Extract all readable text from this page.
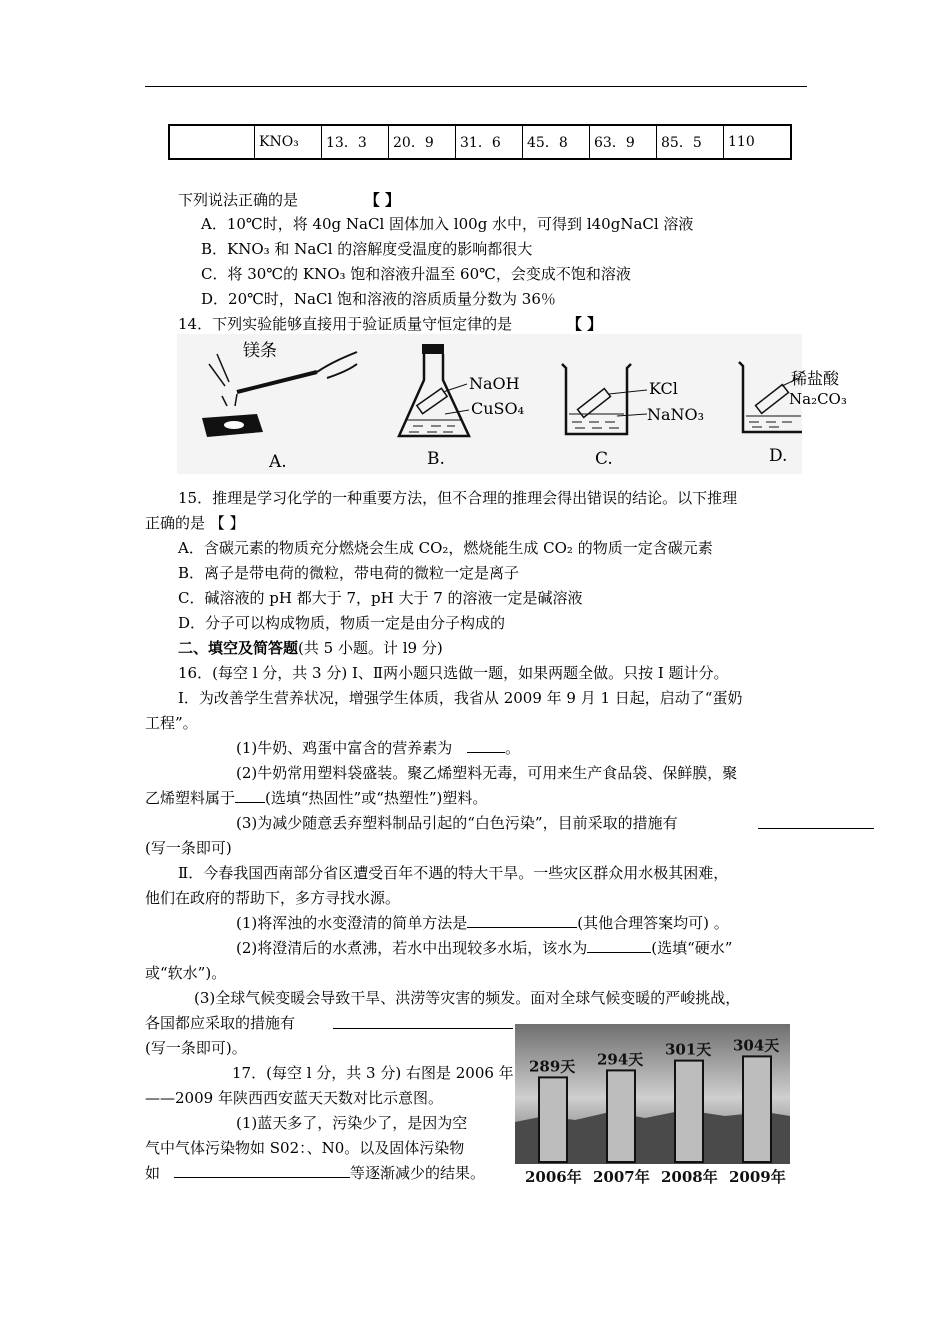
	KNO₃	13．3	20．9	31．6	45．8	63．9	85．5	110
下列说法正确的是	【 】
A．10℃时，将 40g NaCl 固体加入 l00g 水中，可得到 l40gNaCl 溶液
B．KNO₃ 和 NaCl 的溶解度受温度的影响都很大
C．将 30℃的 KNO₃ 饱和溶液升温至 60℃，会变成不饱和溶液
D．20℃时，NaCl 饱和溶液的溶质质量分数为 36％
14．下列实验能够直接用于验证质量守恒定律的是	【 】
镁条
A.
NaOH
CuSO₄
B.
KCl
NaNO₃
C.
稀盐酸
Na₂CO₃
D.
15．推理是学习化学的一种重要方法，但不合理的推理会得出错误的结论。以下推理
正确的是 【 】
A．含碳元素的物质充分燃烧会生成 CO₂，燃烧能生成 CO₂ 的物质一定含碳元素
B．离子是带电荷的微粒，带电荷的微粒一定是离子
C．碱溶液的 pH 都大于 7，pH 大于 7 的溶液一定是碱溶液
D．分子可以构成物质，物质一定是由分子构成的
二、填空及简答题(共 5 小题。计 l9 分)
16．(每空 l 分，共 3 分) Ⅰ、Ⅱ两小题只选做一题，如果两题全做。只按 I 题计分。
Ⅰ．为改善学生营养状况，增强学生体质，我省从 2009 年 9 月 1 日起，启动了“蛋奶
工程”。
(1)牛奶、鸡蛋中富含的营养素为	。
(2)牛奶常用塑料袋盛装。聚乙烯塑料无毒，可用来生产食品袋、保鲜膜，聚
乙烯塑料属于 (选填“热固性”或“热塑性”)塑料。
(3)为减少随意丢弃塑料制品引起的“白色污染”，目前采取的措施有
(写一条即可)
Ⅱ．今春我国西南部分省区遭受百年不遇的特大干旱。一些灾区群众用水极其困难，
他们在政府的帮助下，多方寻找水源。
(1)将浑浊的水变澄清的简单方法是	(其他合理答案均可) 。
(2)将澄清后的水煮沸，若水中出现较多水垢，该水为	(选填“硬水”
或“软水”)。
(3)全球气候变暖会导致干旱、洪涝等灾害的频发。面对全球气候变暖的严峻挑战，
各国都应采取的措施有
(写一条即可)。
17．(每空 l 分，共 3 分) 右图是 2006 年
——2009 年陕西西安蓝天天数对比示意图。
(1)蓝天多了，污染少了，是因为空
气中气体污染物如 S02：、N0。以及固体污染物
如	等逐渐减少的结果。
289天
2006年
294天
2007年
301天
2008年
304天
2009年
